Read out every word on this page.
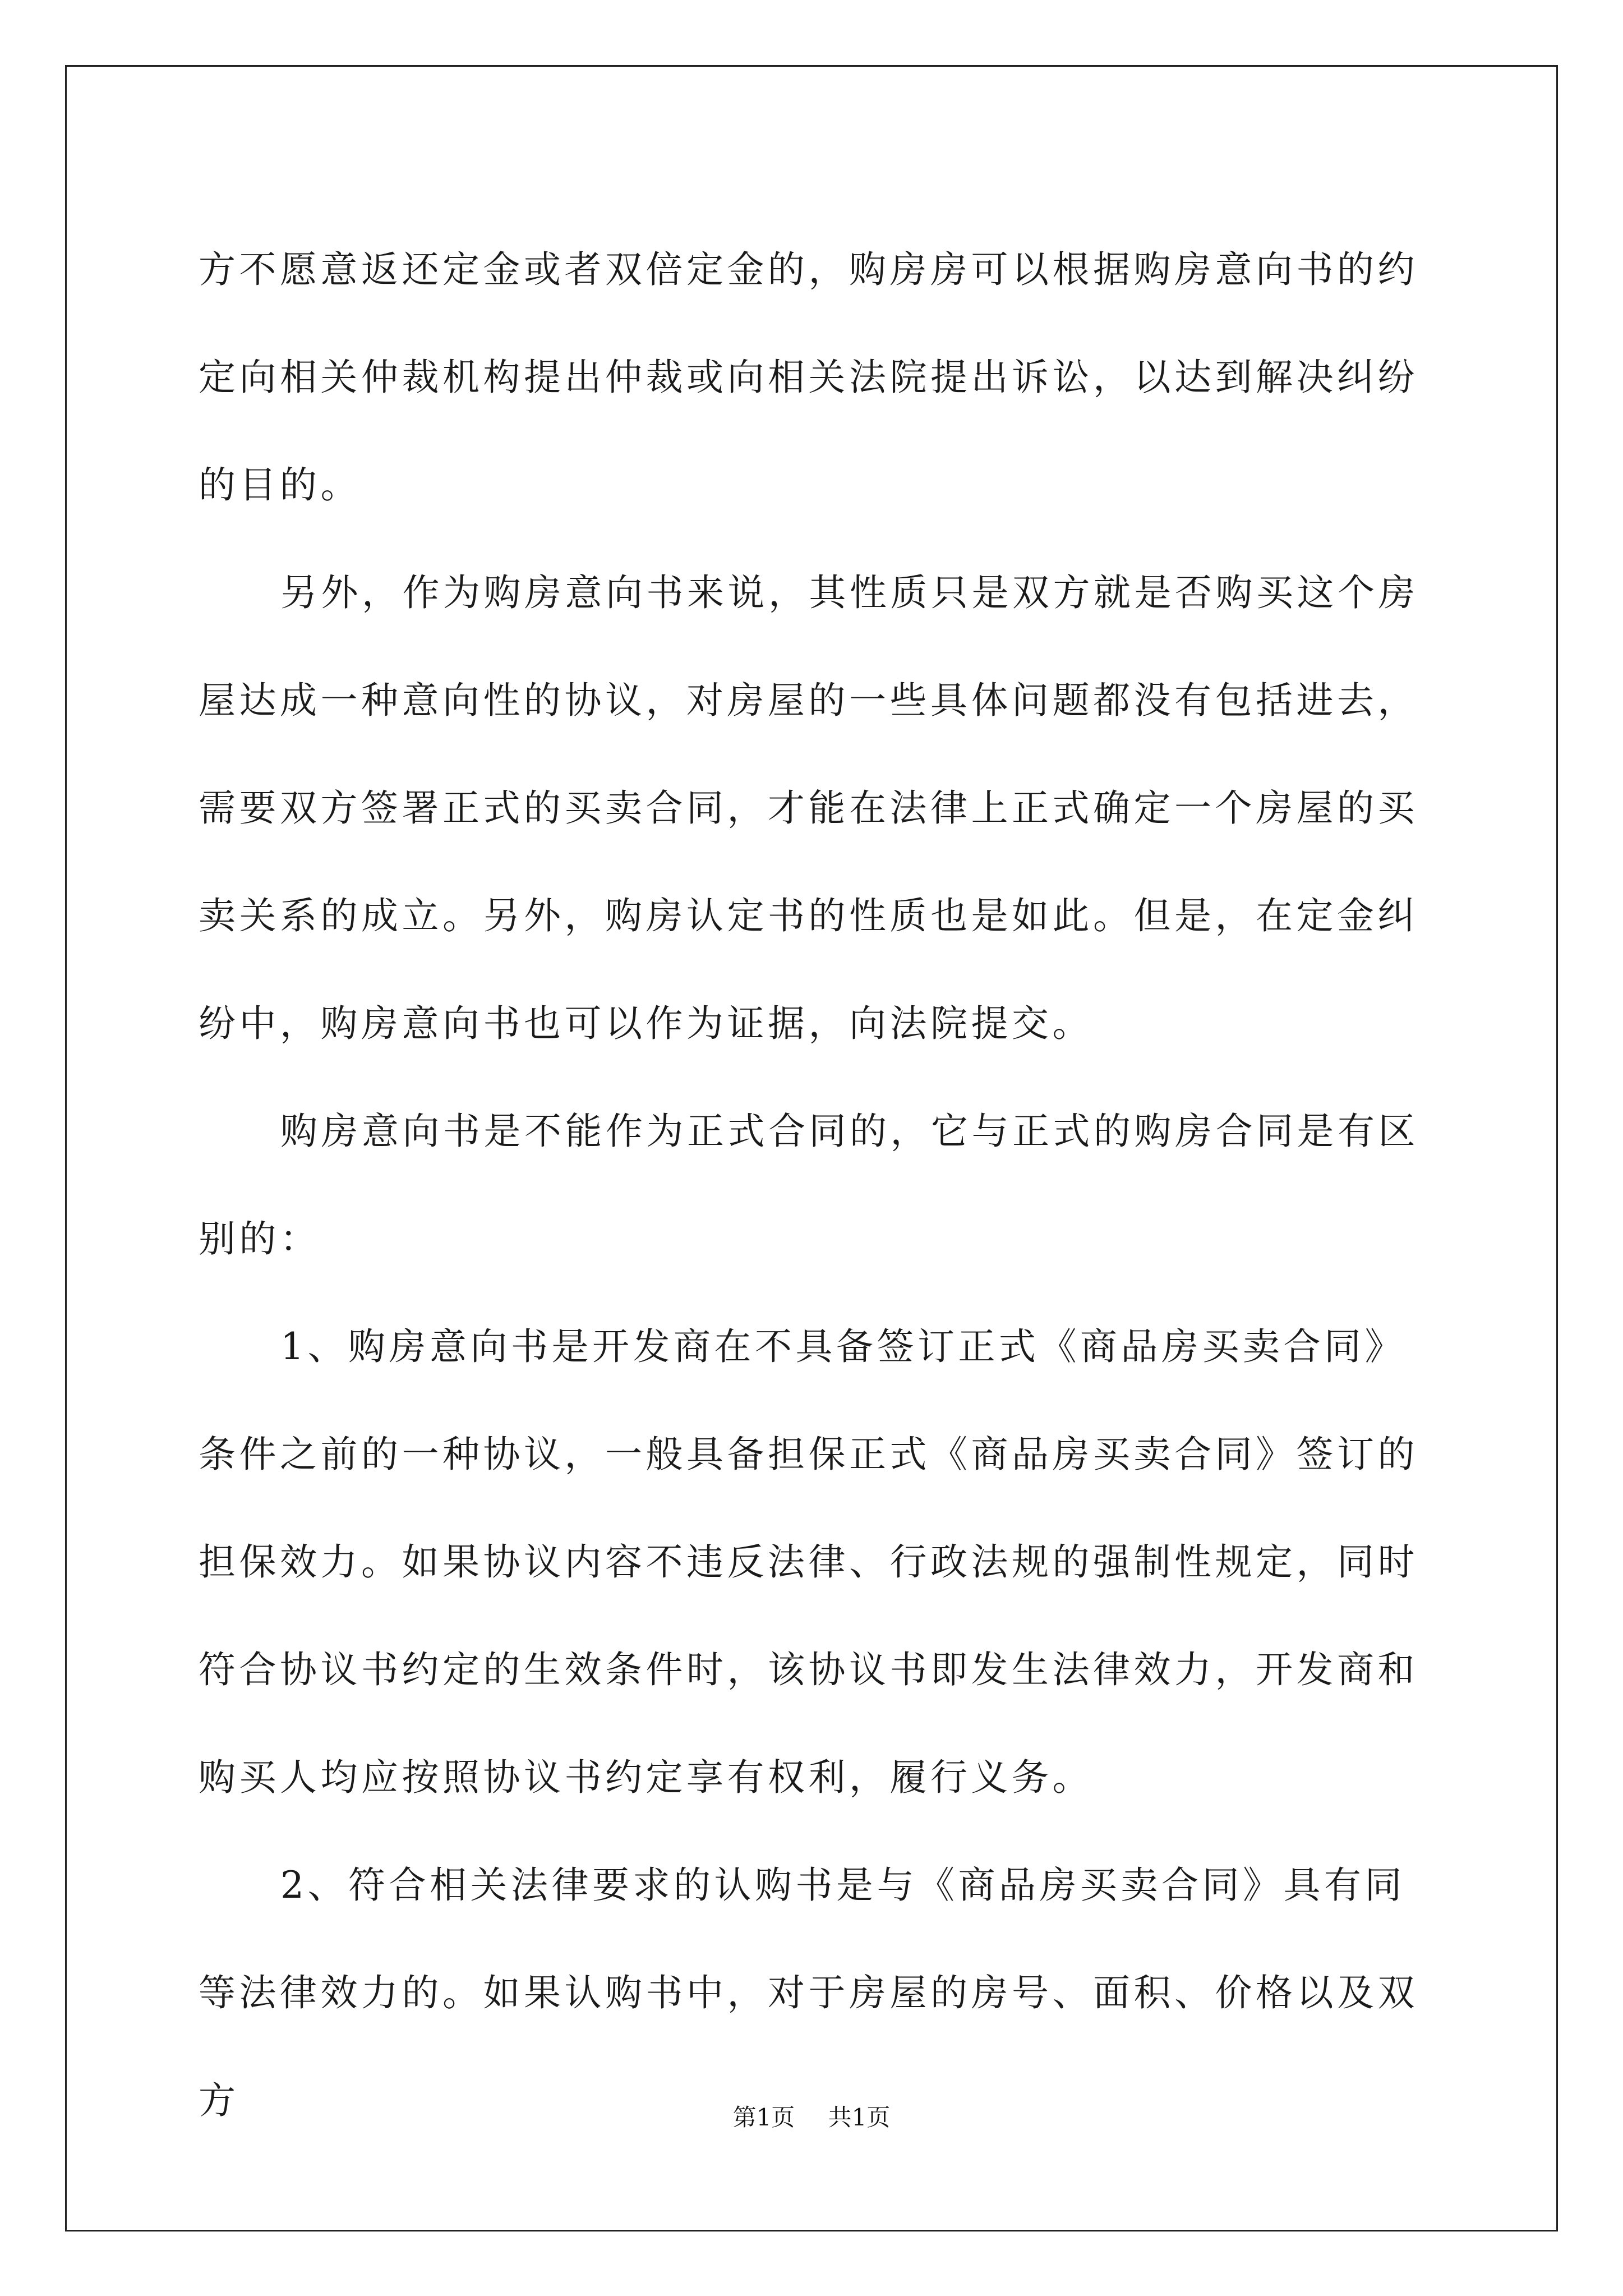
方不愿意返还定金或者双倍定金的，购房房可以根据购房意向书的约定向相关仲裁机构提出仲裁或向相关法院提出诉讼，以达到解决纠纷的目的。

另外，作为购房意向书来说，其性质只是双方就是否购买这个房屋达成一种意向性的协议，对房屋的一些具体问题都没有包括进去，需要双方签署正式的买卖合同，才能在法律上正式确定一个房屋的买卖关系的成立。另外，购房认定书的性质也是如此。但是，在定金纠纷中，购房意向书也可以作为证据，向法院提交。

购房意向书是不能作为正式合同的，它与正式的购房合同是有区别的：

1、购房意向书是开发商在不具备签订正式《商品房买卖合同》条件之前的一种协议，一般具备担保正式《商品房买卖合同》签订的担保效力。如果协议内容不违反法律、行政法规的强制性规定，同时符合协议书约定的生效条件时，该协议书即发生法律效力，开发商和购买人均应按照协议书约定享有权利，履行义务。

2、符合相关法律要求的认购书是与《商品房买卖合同》具有同等法律效力的。如果认购书中，对于房屋的房号、面积、价格以及双方	第1页 共1页
